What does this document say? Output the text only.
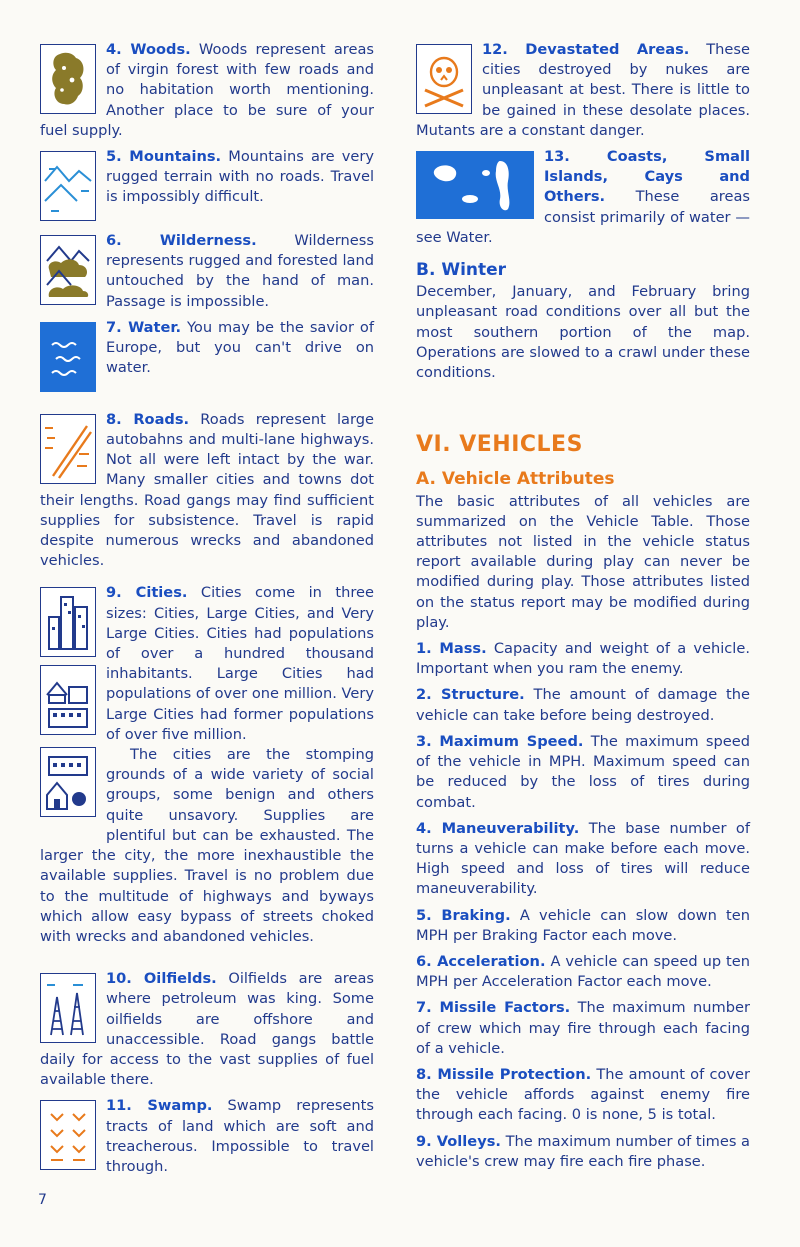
4. Woods. Woods represent areas of virgin forest with few roads and no habitation worth mentioning. Another place to be sure of your fuel supply.
5. Mountains. Mountains are very rugged terrain with no roads. Travel is impossibly difficult.
6. Wilderness. Wilderness represents rugged and forested land untouched by the hand of man. Passage is impossible.
7. Water. You may be the savior of Europe, but you can't drive on water.
8. Roads. Roads represent large autobahns and multi-lane highways. Not all were left intact by the war. Many smaller cities and towns dot their lengths. Road gangs may find sufficient supplies for subsistence. Travel is rapid despite numerous wrecks and abandoned vehicles.
9. Cities. Cities come in three sizes: Cities, Large Cities, and Very Large Cities. Cities had populations of over a hundred thousand inhabitants. Large Cities had populations of over one million. Very Large Cities had former populations of over five million.
The cities are the stomping grounds of a wide variety of social groups, some benign and others quite unsavory. Supplies are plentiful but can be exhausted. The larger the city, the more inexhaustible the available supplies. Travel is no problem due to the multitude of highways and byways which allow easy bypass of streets choked with wrecks and abandoned vehicles.
10. Oilfields. Oilfields are areas where petroleum was king. Some oilfields are offshore and unaccessible. Road gangs battle daily for access to the vast supplies of fuel available there.
11. Swamp. Swamp represents tracts of land which are soft and treacherous. Impossible to travel through.
12. Devastated Areas. These cities destroyed by nukes are unpleasant at best. There is little to be gained in these desolate places. Mutants are a constant danger.
13. Coasts, Small Islands, Cays and Others. These areas consist primarily of water — see Water.
B. Winter
December, January, and February bring unpleasant road conditions over all but the most southern portion of the map. Operations are slowed to a crawl under these conditions.
VI. VEHICLES
A. Vehicle Attributes
The basic attributes of all vehicles are summarized on the Vehicle Table. Those attributes not listed in the vehicle status report available during play can never be modified during play. Those attributes listed on the status report may be modified during play.
1. Mass. Capacity and weight of a vehicle. Important when you ram the enemy.
2. Structure. The amount of damage the vehicle can take before being destroyed.
3. Maximum Speed. The maximum speed of the vehicle in MPH. Maximum speed can be reduced by the loss of tires during combat.
4. Maneuverability. The base number of turns a vehicle can make before each move. High speed and loss of tires will reduce maneuverability.
5. Braking. A vehicle can slow down ten MPH per Braking Factor each move.
6. Acceleration. A vehicle can speed up ten MPH per Acceleration Factor each move.
7. Missile Factors. The maximum number of crew which may fire through each facing of a vehicle.
8. Missile Protection. The amount of cover the vehicle affords against enemy fire through each facing. 0 is none, 5 is total.
9. Volleys. The maximum number of times a vehicle's crew may fire each fire phase.
7
